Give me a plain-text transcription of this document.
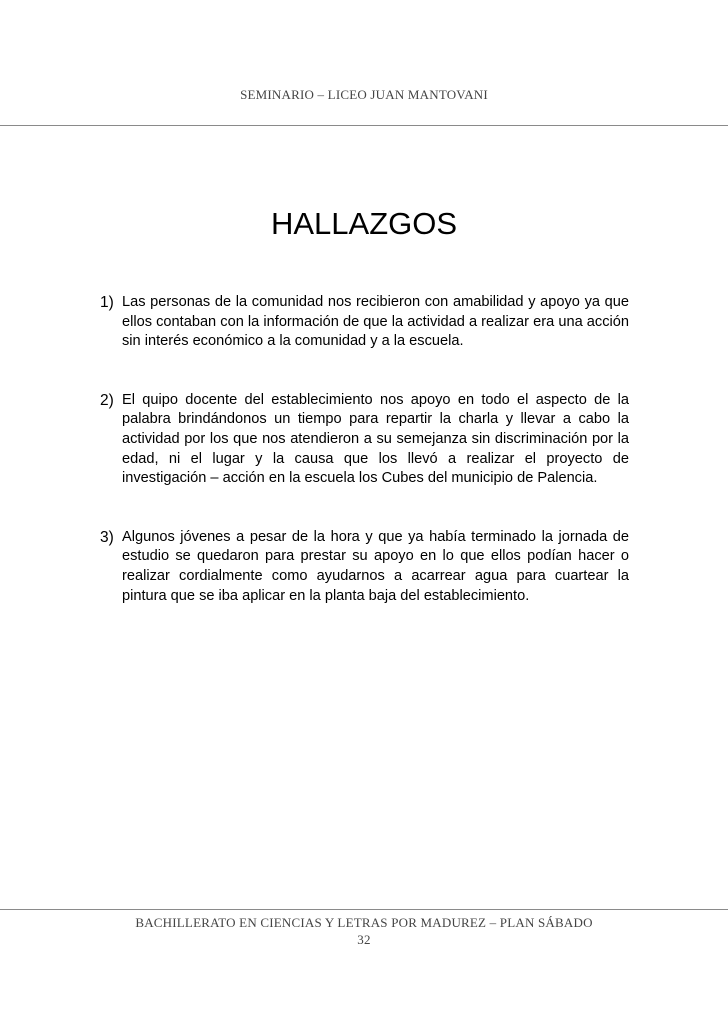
SEMINARIO – LICEO JUAN MANTOVANI
HALLAZGOS
1) Las personas de la comunidad nos recibieron con amabilidad y apoyo ya que ellos contaban con la información de que la actividad a realizar era una acción sin interés económico a la comunidad y a la escuela.
2) El quipo docente del establecimiento nos apoyo en todo el aspecto de la palabra brindándonos un tiempo para repartir la charla y llevar a cabo la actividad por los que nos atendieron a su semejanza sin discriminación por la edad, ni el lugar y la causa que los llevó a realizar el proyecto de investigación – acción en la escuela los Cubes del municipio de Palencia.
3) Algunos jóvenes a pesar de la hora y que ya había terminado la jornada de estudio se quedaron para prestar su apoyo en lo que ellos podían hacer o realizar cordialmente como ayudarnos a acarrear agua para cuartear la pintura que se iba aplicar en la planta baja del establecimiento.
BACHILLERATO EN CIENCIAS Y LETRAS POR MADUREZ – PLAN SÁBADO
32
